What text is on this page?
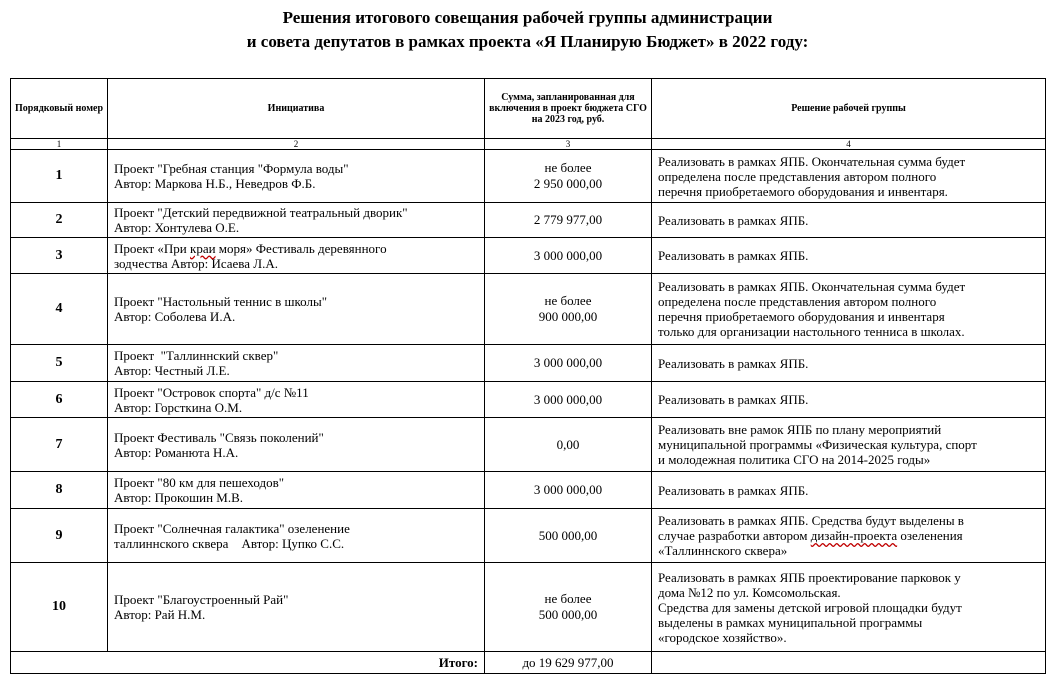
Решения итогового совещания рабочей группы администрации
и совета депутатов в рамках проекта «Я Планирую Бюджет» в 2022 году:
Порядковый номер	Инициатива	Сумма, запланированная для включения в проект бюджета СГО на 2023 год, руб.	Решение рабочей группы
1	2	3	4
1	Проект "Гребная станция "Формула воды"
Автор: Маркова Н.Б., Неведров Ф.Б.	не более
2 950 000,00	Реализовать в рамках ЯПБ. Окончательная сумма будет
определена после представления автором полного
перечня приобретаемого оборудования и инвентаря.

2	Проект "Детский передвижной театральный дворик"
Автор: Хонтулева О.Е.	2 779 977,00	Реализовать в рамках ЯПБ.

3	Проект «При краи моря» Фестиваль деревянного
зодчества Автор: Исаева Л.А.	3 000 000,00	Реализовать в рамках ЯПБ.

4	Проект "Настольный теннис в школы"
Автор: Соболева И.А.	не более
900 000,00	Реализовать в рамках ЯПБ. Окончательная сумма будет
определена после представления автором полного
перечня приобретаемого оборудования и инвентаря
только для организации настольного тенниса в школах.

5	Проект  "Таллиннский сквер"
Автор: Честный Л.Е.	3 000 000,00	Реализовать в рамках ЯПБ.

6	Проект "Островок спорта" д/с №11
Автор: Горсткина О.М.	3 000 000,00	Реализовать в рамках ЯПБ.

7	Проект Фестиваль "Связь поколений"
Автор: Романюта Н.А.	0,00	Реализовать вне рамок ЯПБ по плану мероприятий
муниципальной программы «Физическая культура, спорт
и молодежная политика СГО на 2014-2025 годы»

8	Проект "80 км для пешеходов"
Автор: Прокошин М.В.	3 000 000,00	Реализовать в рамках ЯПБ.

9	Проект "Солнечная галактика" озеленение
таллиннского сквера    Автор: Цупко С.С.	500 000,00	Реализовать в рамках ЯПБ. Средства будут выделены в
случае разработки автором дизайн-проекта озеленения
«Таллиннского сквера»

10	Проект "Благоустроенный Рай"
Автор: Рай Н.М.	не более
500 000,00	Реализовать в рамках ЯПБ проектирование парковок у
дома №12 по ул. Комсомольская.
Средства для замены детской игровой площадки будут
выделены в рамках муниципальной программы
«городское хозяйство».

Итого:		до 19 629 977,00	
